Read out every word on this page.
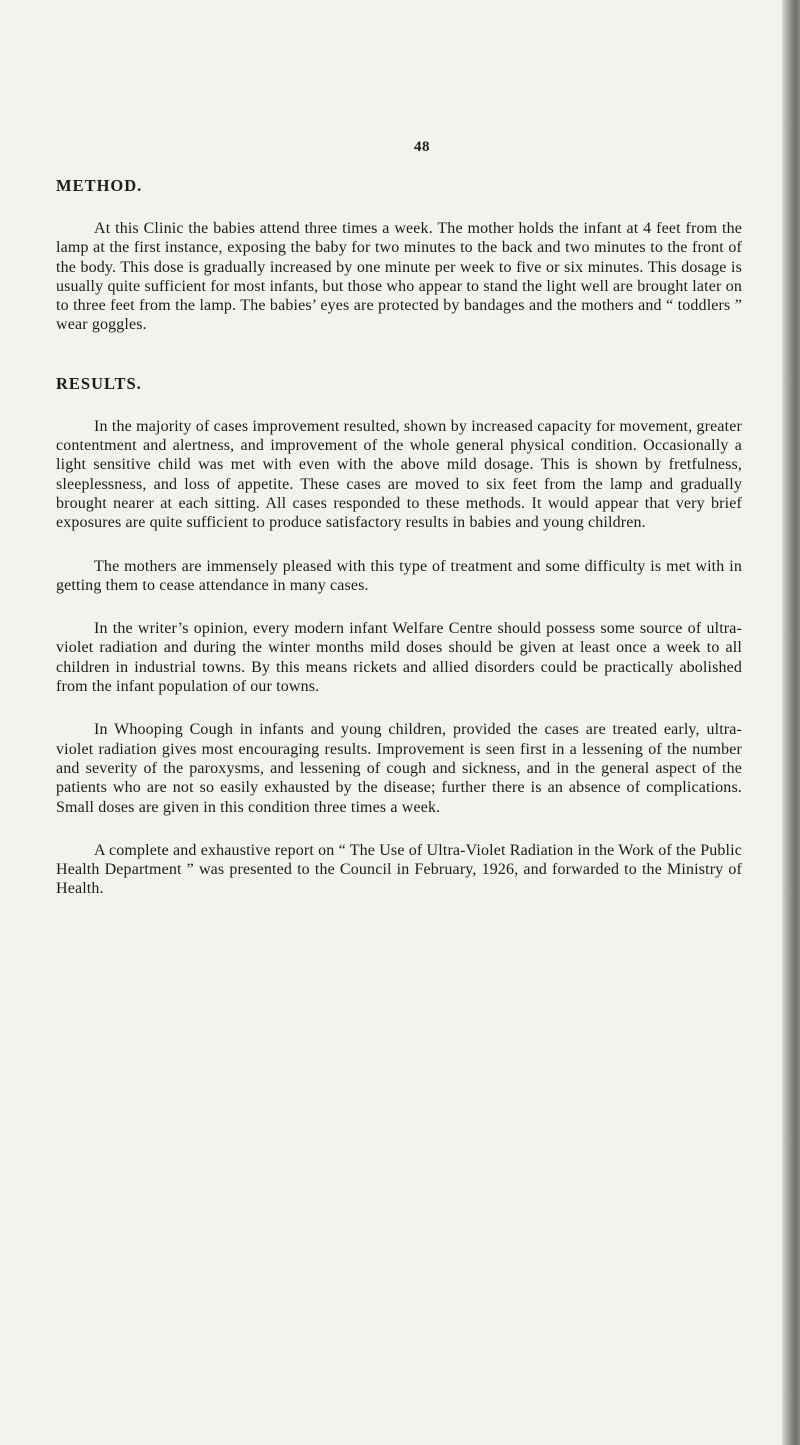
48
METHOD.

At this Clinic the babies attend three times a week. The mother holds the infant at 4 feet from the lamp at the first instance, exposing the baby for two minutes to the back and two minutes to the front of the body. This dose is gradually increased by one minute per week to five or six minutes. This dosage is usually quite sufficient for most infants, but those who appear to stand the light well are brought later on to three feet from the lamp. The babies’ eyes are protected by bandages and the mothers and “ toddlers ” wear goggles.

RESULTS.

In the majority of cases improvement resulted, shown by increased capacity for movement, greater contentment and alertness, and improvement of the whole general physical condition. Occasionally a light sensitive child was met with even with the above mild dosage. This is shown by fretfulness, sleeplessness, and loss of appetite. These cases are moved to six feet from the lamp and gradually brought nearer at each sitting. All cases responded to these methods. It would appear that very brief exposures are quite sufficient to produce satisfactory results in babies and young children.

The mothers are immensely pleased with this type of treatment and some difficulty is met with in getting them to cease attendance in many cases.

In the writer’s opinion, every modern infant Welfare Centre should possess some source of ultra-violet radiation and during the winter months mild doses should be given at least once a week to all children in industrial towns. By this means rickets and allied disorders could be practically abolished from the infant population of our towns.

In Whooping Cough in infants and young children, provided the cases are treated early, ultra-violet radiation gives most encouraging results. Improvement is seen first in a lessening of the number and severity of the paroxysms, and lessening of cough and sickness, and in the general aspect of the patients who are not so easily exhausted by the disease; further there is an absence of complications. Small doses are given in this condition three times a week.

A complete and exhaustive report on “ The Use of Ultra-Violet Radiation in the Work of the Public Health Department ” was presented to the Council in February, 1926, and forwarded to the Ministry of Health.
